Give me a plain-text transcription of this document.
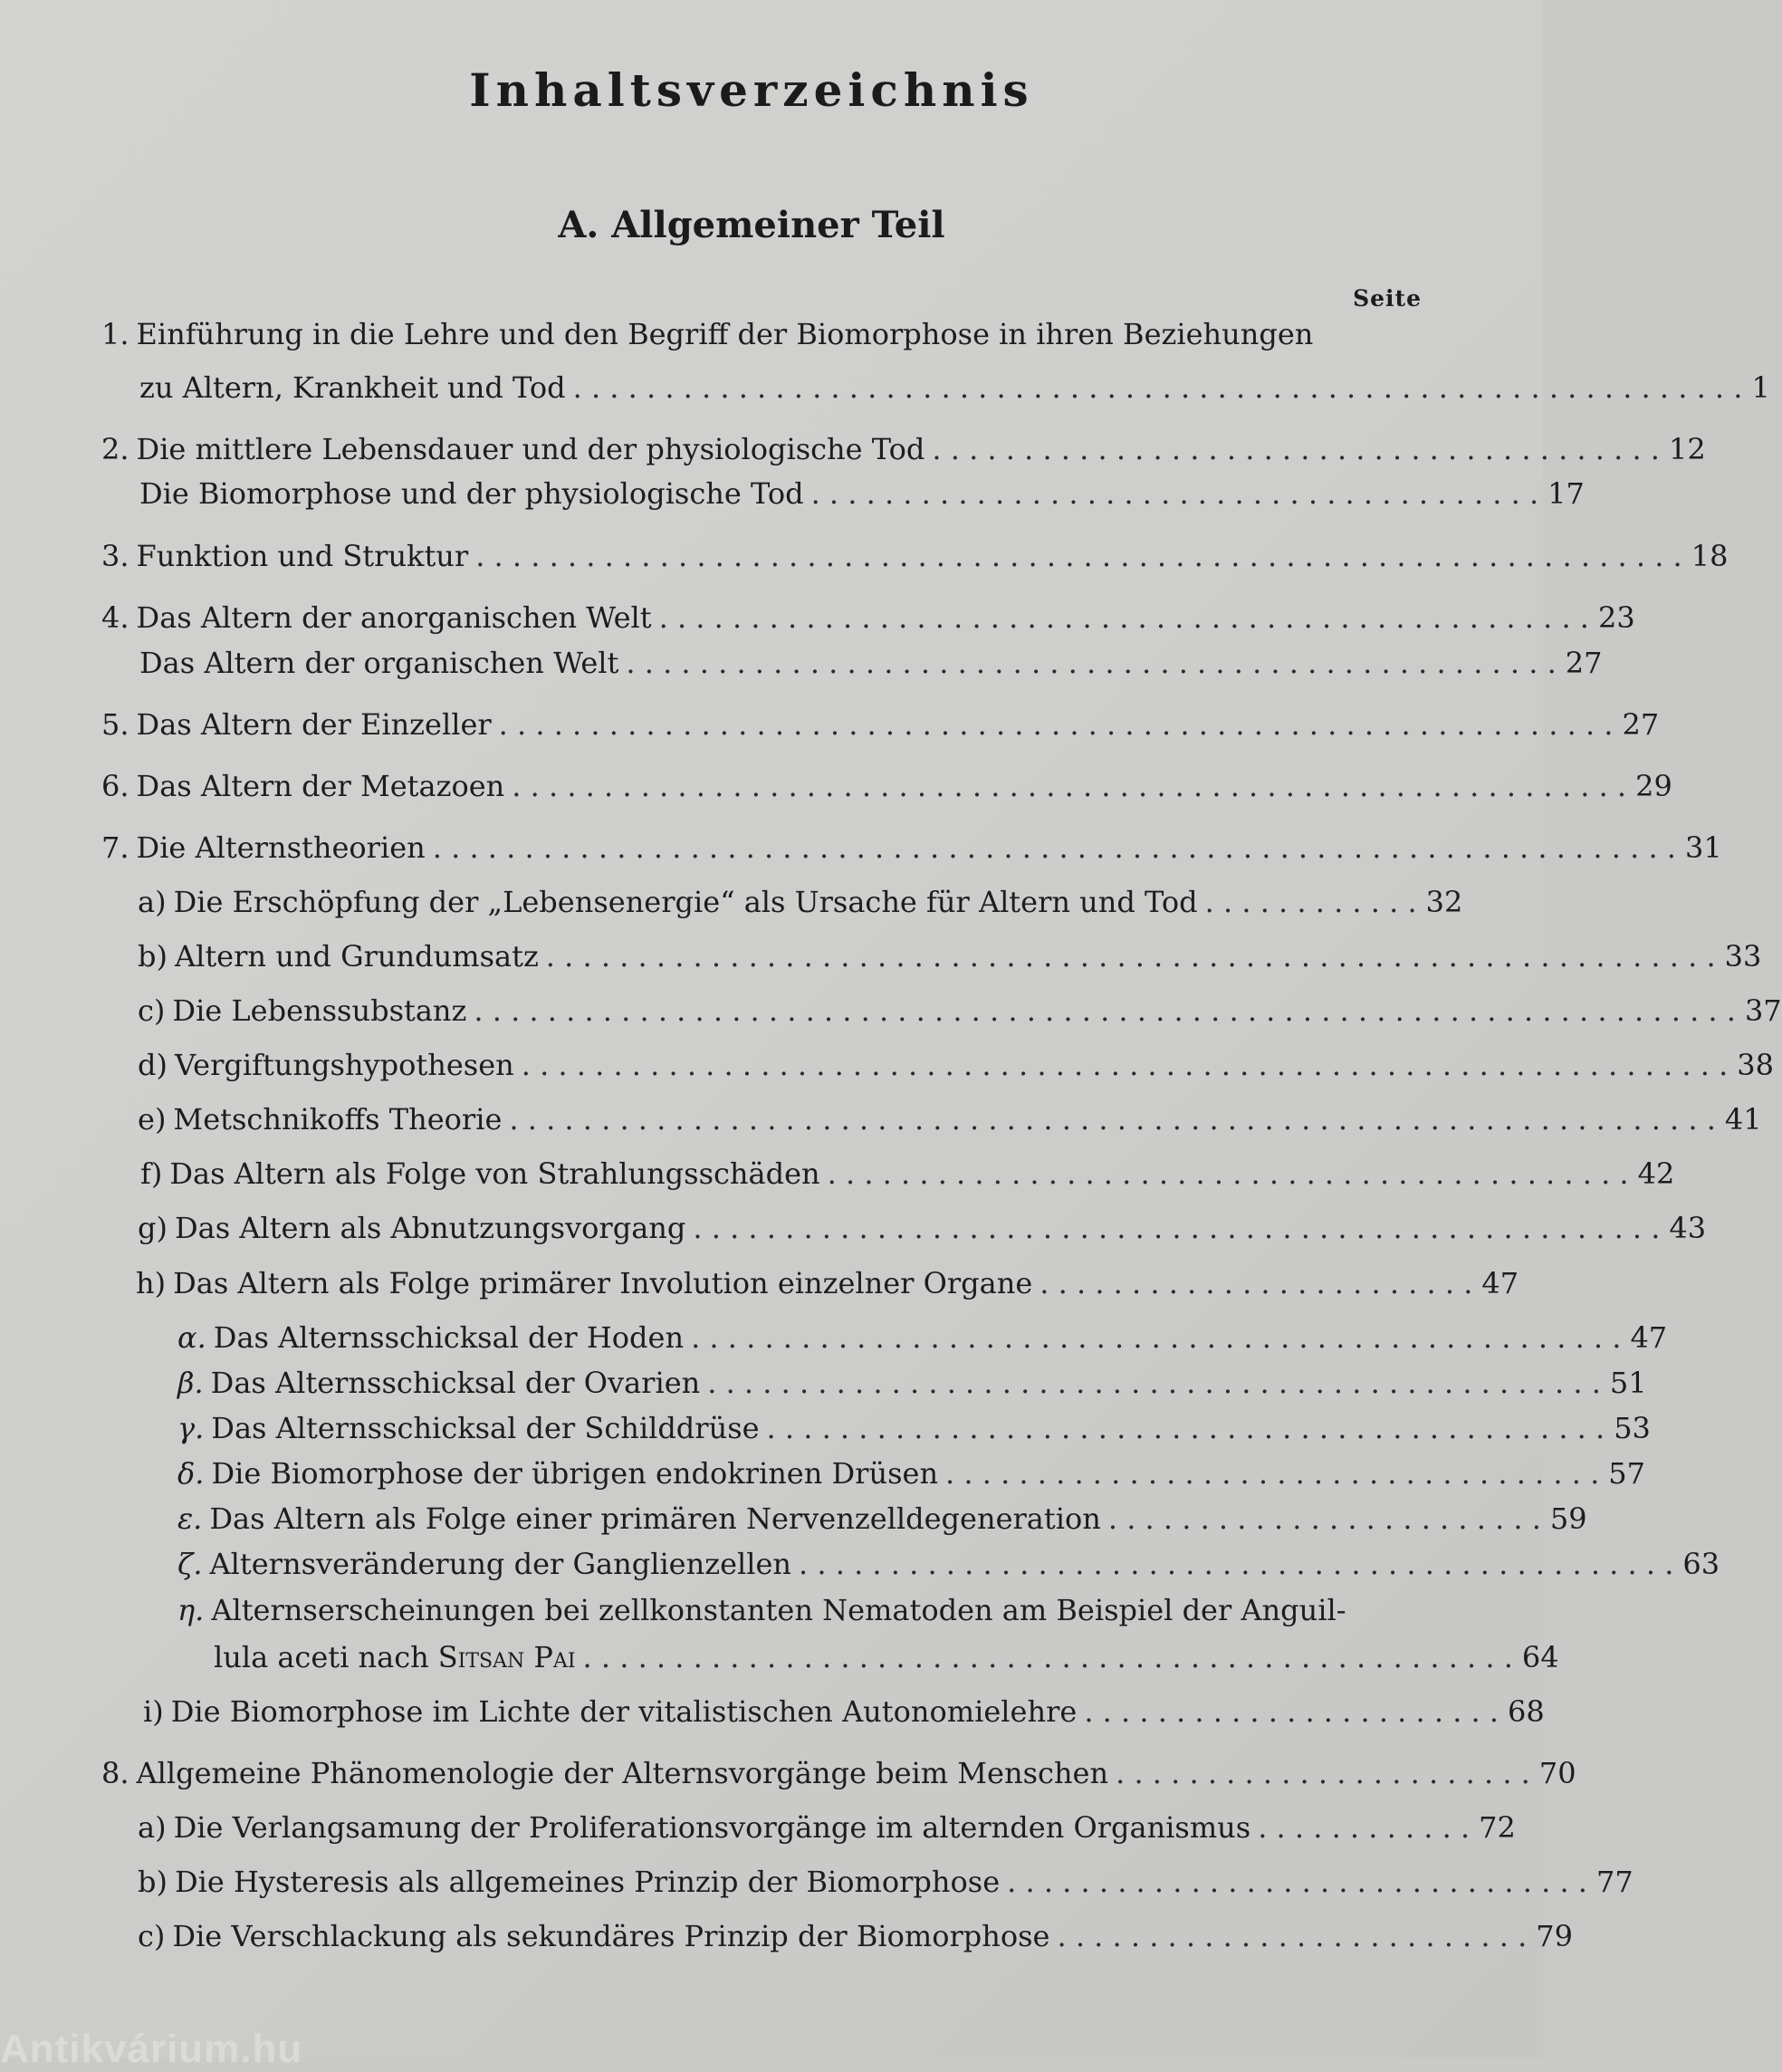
Inhaltsverzeichnis
A. Allgemeiner Teil
Seite
1. Einführung in die Lehre und den Begriff der Biomorphose in ihren Beziehungen
zu Altern, Krankheit und Tod . . . . . . . . . . . . . . . . . . . . . . . . . . . . . . . . . . . . . . . . . . . . . . . . . . . . . . . . . . . . . . . . 1
2. Die mittlere Lebensdauer und der physiologische Tod . . . . . . . . . . . . . . . . . . . . . . . . . . . . . . . . . . . . . . . . 12
Die Biomorphose und der physiologische Tod . . . . . . . . . . . . . . . . . . . . . . . . . . . . . . . . . . . . . . . . 17
3. Funktion und Struktur . . . . . . . . . . . . . . . . . . . . . . . . . . . . . . . . . . . . . . . . . . . . . . . . . . . . . . . . . . . . . . . . . . 18
4. Das Altern der anorganischen Welt . . . . . . . . . . . . . . . . . . . . . . . . . . . . . . . . . . . . . . . . . . . . . . . . . . . 23
Das Altern der organischen Welt . . . . . . . . . . . . . . . . . . . . . . . . . . . . . . . . . . . . . . . . . . . . . . . . . . . 27
5. Das Altern der Einzeller . . . . . . . . . . . . . . . . . . . . . . . . . . . . . . . . . . . . . . . . . . . . . . . . . . . . . . . . . . . . . 27
6. Das Altern der Metazoen . . . . . . . . . . . . . . . . . . . . . . . . . . . . . . . . . . . . . . . . . . . . . . . . . . . . . . . . . . . . . 29
7. Die Alternstheorien . . . . . . . . . . . . . . . . . . . . . . . . . . . . . . . . . . . . . . . . . . . . . . . . . . . . . . . . . . . . . . . . . . . . 31
a) Die Erschöpfung der „Lebensenergie“ als Ursache für Altern und Tod . . . . . . . . . . . . 32
b) Altern und Grundumsatz . . . . . . . . . . . . . . . . . . . . . . . . . . . . . . . . . . . . . . . . . . . . . . . . . . . . . . . . . . . . . . . . 33
c) Die Lebenssubstanz . . . . . . . . . . . . . . . . . . . . . . . . . . . . . . . . . . . . . . . . . . . . . . . . . . . . . . . . . . . . . . . . . . . . . 37
d) Vergiftungshypothesen . . . . . . . . . . . . . . . . . . . . . . . . . . . . . . . . . . . . . . . . . . . . . . . . . . . . . . . . . . . . . . . . . . 38
e) Metschnikoffs Theorie . . . . . . . . . . . . . . . . . . . . . . . . . . . . . . . . . . . . . . . . . . . . . . . . . . . . . . . . . . . . . . . . . . 41
f) Das Altern als Folge von Strahlungsschäden . . . . . . . . . . . . . . . . . . . . . . . . . . . . . . . . . . . . . . . . . . . . 42
g) Das Altern als Abnutzungsvorgang . . . . . . . . . . . . . . . . . . . . . . . . . . . . . . . . . . . . . . . . . . . . . . . . . . . . . 43
h) Das Altern als Folge primärer Involution einzelner Organe . . . . . . . . . . . . . . . . . . . . . . . . 47
α. Das Alternsschicksal der Hoden . . . . . . . . . . . . . . . . . . . . . . . . . . . . . . . . . . . . . . . . . . . . . . . . . . . 47
β. Das Alternsschicksal der Ovarien . . . . . . . . . . . . . . . . . . . . . . . . . . . . . . . . . . . . . . . . . . . . . . . . . 51
γ. Das Alternsschicksal der Schilddrüse . . . . . . . . . . . . . . . . . . . . . . . . . . . . . . . . . . . . . . . . . . . . . . 53
δ. Die Biomorphose der übrigen endokrinen Drüsen . . . . . . . . . . . . . . . . . . . . . . . . . . . . . . . . . . . . 57
ε. Das Altern als Folge einer primären Nervenzelldegeneration . . . . . . . . . . . . . . . . . . . . . . . . 59
ζ. Alternsveränderung der Ganglienzellen . . . . . . . . . . . . . . . . . . . . . . . . . . . . . . . . . . . . . . . . . . . . . . . . 63
η. Alternserscheinungen bei zellkonstanten Nematoden am Beispiel der Anguil-
lula aceti nach Sitsan Pai . . . . . . . . . . . . . . . . . . . . . . . . . . . . . . . . . . . . . . . . . . . . . . . . . . . 64
i) Die Biomorphose im Lichte der vitalistischen Autonomielehre . . . . . . . . . . . . . . . . . . . . . . . 68
8. Allgemeine Phänomenologie der Alternsvorgänge beim Menschen . . . . . . . . . . . . . . . . . . . . . . . 70
a) Die Verlangsamung der Proliferationsvorgänge im alternden Organismus . . . . . . . . . . . . 72
b) Die Hysteresis als allgemeines Prinzip der Biomorphose . . . . . . . . . . . . . . . . . . . . . . . . . . . . . . . . 77
c) Die Verschlackung als sekundäres Prinzip der Biomorphose . . . . . . . . . . . . . . . . . . . . . . . . . . 79
Antikvárium.hu
